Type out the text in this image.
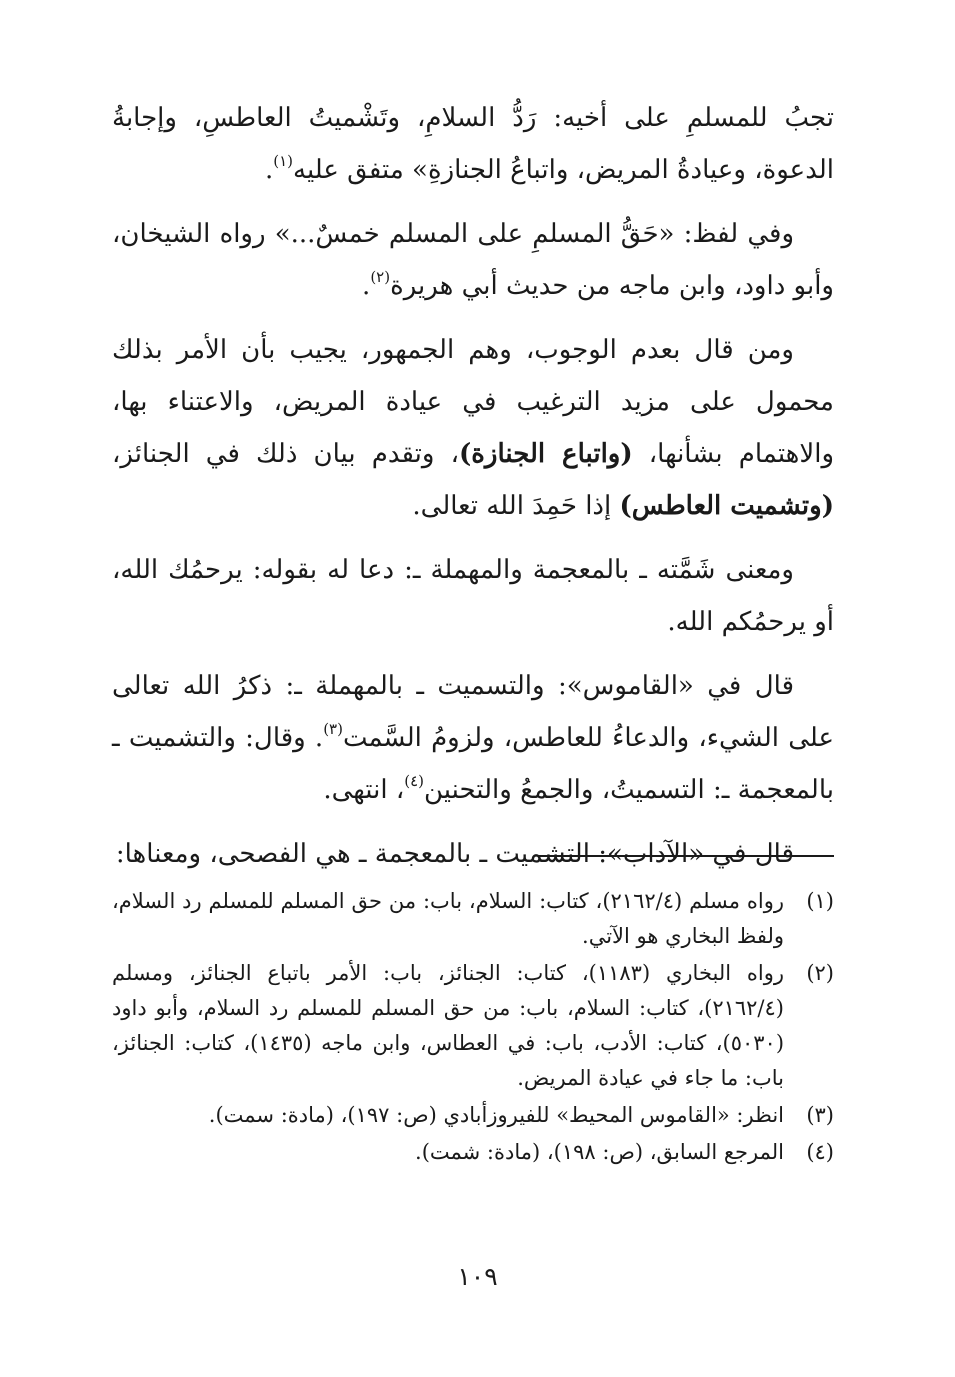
تجبُ للمسلمِ على أخيه: رَدُّ السلامِ، وتَشْميتُ العاطسِ، وإجابةُ الدعوة، وعيادةُ المريض، واتباعُ الجنازةِ» متفق عليه$^{(١)}$.

وفي لفظ: «حَقُّ المسلمِ على المسلم خمسٌ...» رواه الشيخان، وأبو داود، وابن ماجه من حديث أبي هريرة$^{(٢)}$.

ومن قال بعدم الوجوب، وهم الجمهور، يجيب بأن الأمر بذلك محمول على مزيد الترغيب في عيادة المريض، والاعتناء بها، والاهتمام بشأنها، (واتباع الجنازة)، وتقدم بيان ذلك في الجنائز، (وتشميت العاطس) إذا حَمِدَ الله تعالى.

ومعنى شَمَّته ـ بالمعجمة والمهملة ـ: دعا له بقوله: يرحمُك الله، أو يرحمُكم الله.

قال في «القاموس»: والتسميت ـ بالمهملة ـ: ذكرُ الله تعالى على الشيء، والدعاءُ للعاطس، ولزومُ السَّمت$^{(٣)}$. وقال: والتشميت ـ بالمعجمة ـ: التسميتُ، والجمعُ والتحنين$^{(٤)}$، انتهى.

قال في «الآداب»: التشميت ـ بالمعجمة ـ هي الفصحى، ومعناها:

(١)
رواه مسلم (٢١٦٢/٤)، كتاب: السلام، باب: من حق المسلم للمسلم رد السلام، ولفظ البخاري هو الآتي.
(٢)
رواه البخاري (١١٨٣)، كتاب: الجنائز، باب: الأمر باتباع الجنائز، ومسلم (٢١٦٢/٤)، كتاب: السلام، باب: من حق المسلم للمسلم رد السلام، وأبو داود (٥٠٣٠)، كتاب: الأدب، باب: في العطاس، وابن ماجه (١٤٣٥)، كتاب: الجنائز، باب: ما جاء في عيادة المريض.
(٣)
انظر: «القاموس المحيط» للفيروزأبادي (ص: ١٩٧)، (مادة: سمت).
(٤)
المرجع السابق، (ص: ١٩٨)، (مادة: شمت).
١٠٩
